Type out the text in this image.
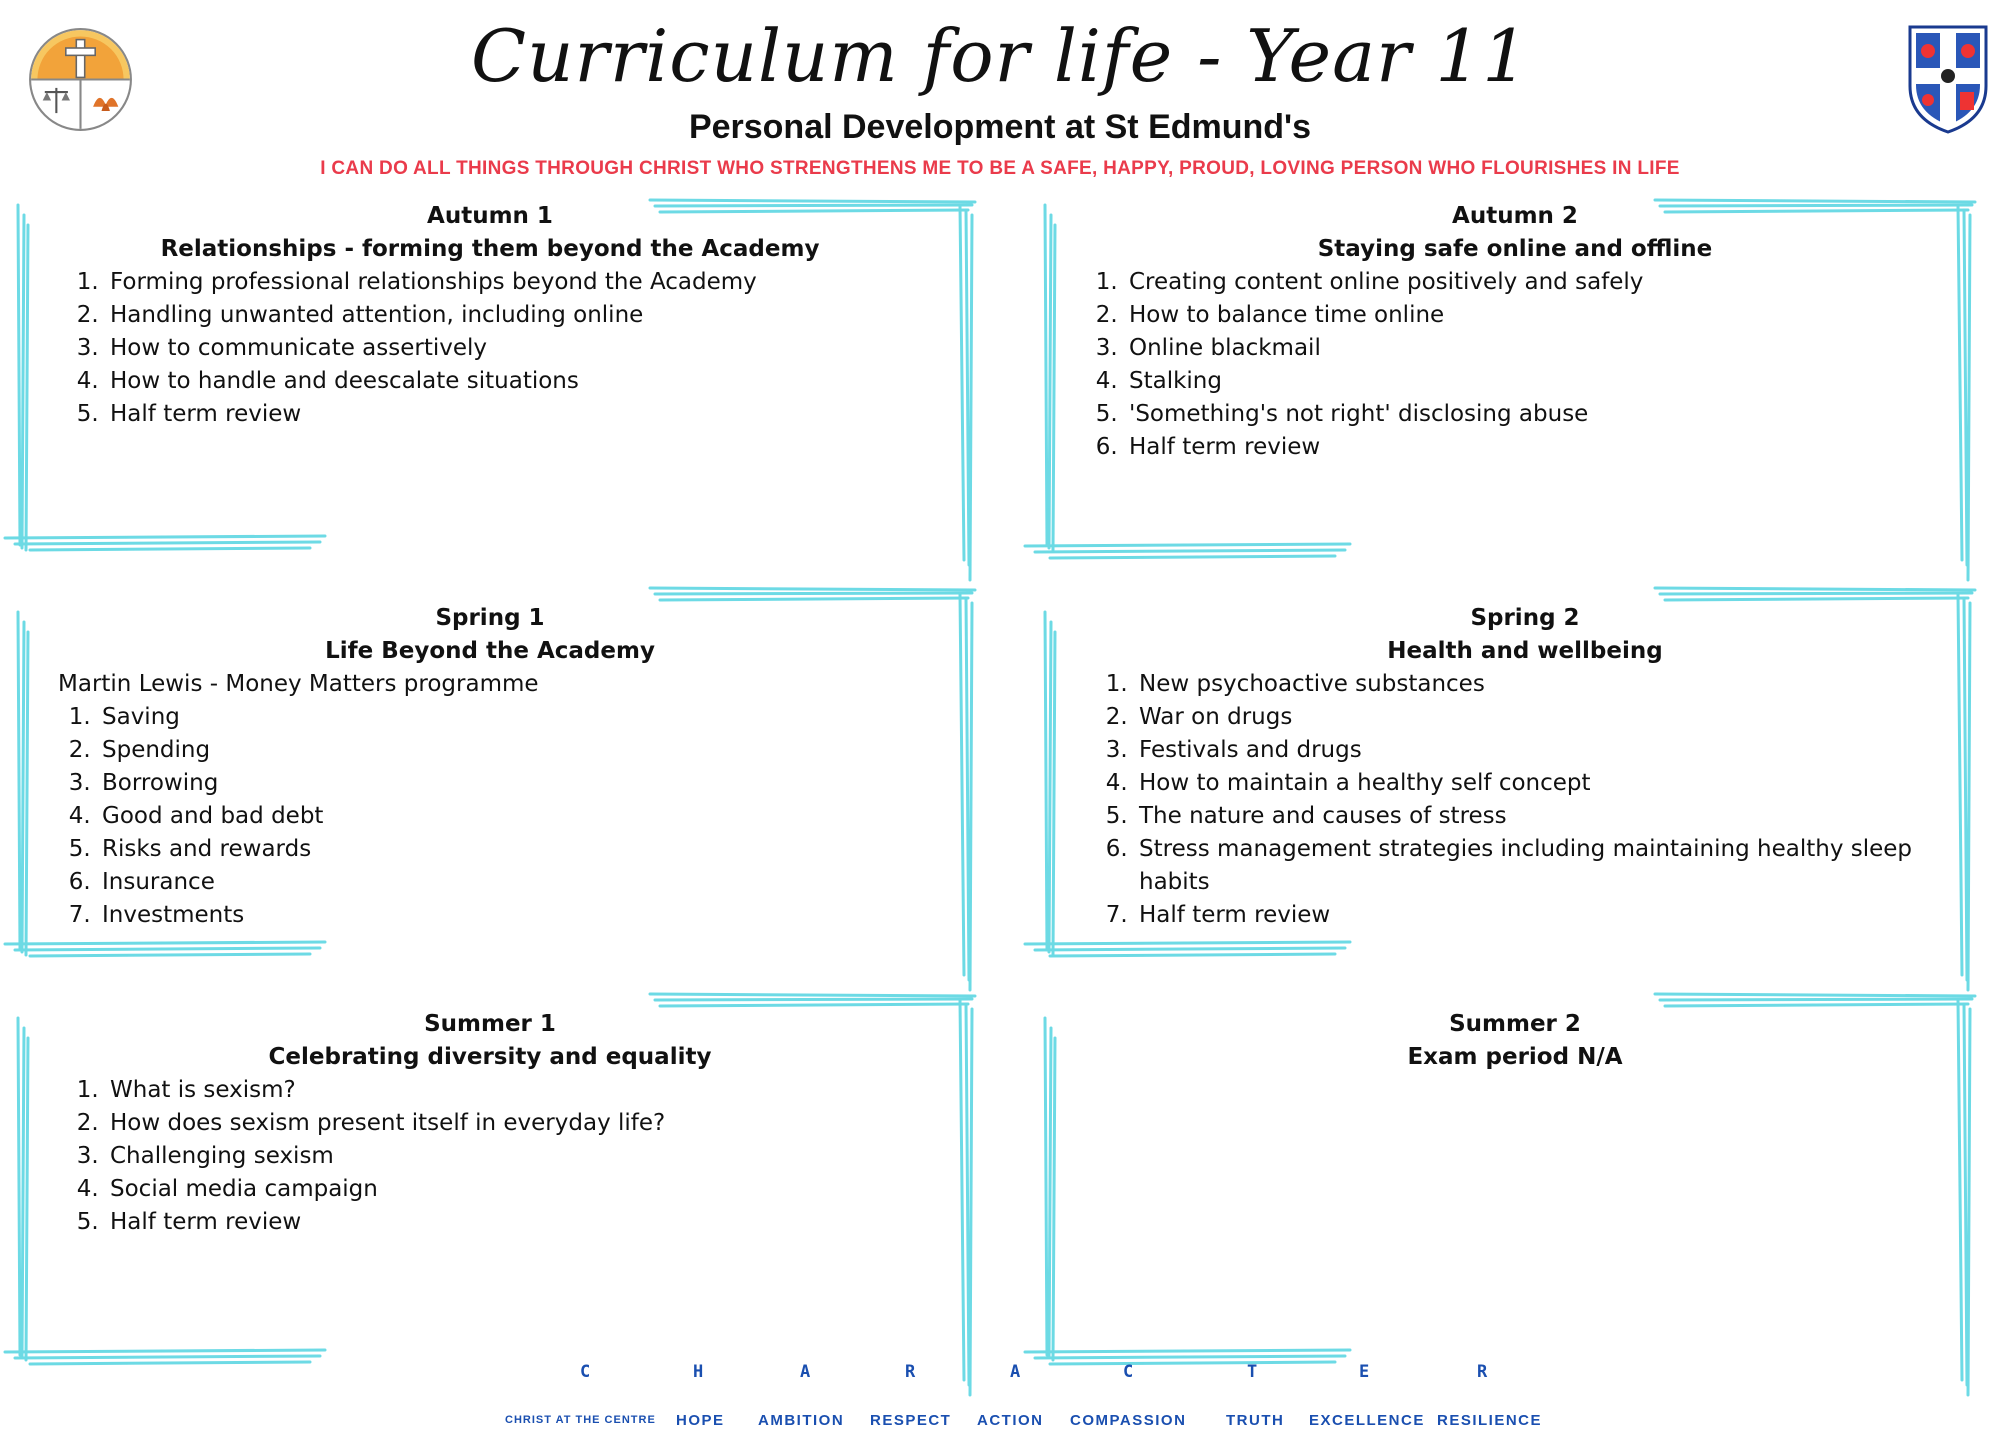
Curriculum for life - Year 11
Personal Development at St Edmund's
I CAN DO ALL THINGS THROUGH CHRIST WHO STRENGTHENS ME TO BE A SAFE, HAPPY, PROUD, LOVING PERSON WHO FLOURISHES IN LIFE
Autumn 1
Relationships - forming them beyond the Academy
1. Forming professional relationships beyond the Academy
2. Handling unwanted attention, including online
3. How to communicate assertively
4. How to handle and deescalate situations
5. Half term review
Autumn 2
Staying safe online and offline
1. Creating content online positively and safely
2. How to balance time online
3. Online blackmail
4. Stalking
5. 'Something's not right' disclosing abuse
6. Half term review
Spring 1
Life Beyond the Academy
Martin Lewis - Money Matters programme
1. Saving
2. Spending
3. Borrowing
4. Good and bad debt
5. Risks and rewards
6. Insurance
7. Investments
Spring 2
Health and wellbeing
1. New psychoactive substances
2. War on drugs
3. Festivals and drugs
4. How to maintain a healthy self concept
5. The nature and causes of stress
6. Stress management strategies including maintaining healthy sleep habits
7. Half term review
Summer 1
Celebrating diversity and equality
1. What is sexism?
2. How does sexism present itself in everyday life?
3. Challenging sexism
4. Social media campaign
5. Half term review
Summer 2
Exam period N/A
C	H	A	R	A	C	T	E	R
CHRIST AT THE CENTRE HOPE AMBITION RESPECT ACTION COMPASSION	TRUTH EXCELLENCE RESILIENCE
